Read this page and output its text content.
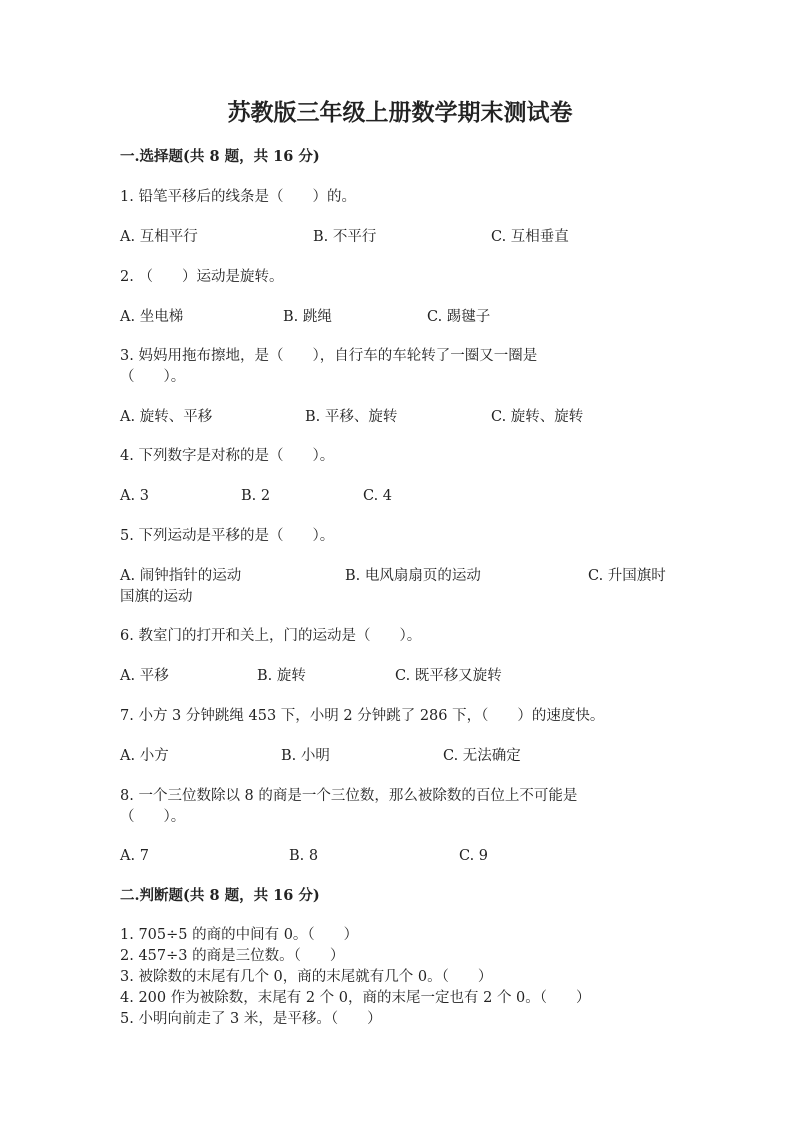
苏教版三年级上册数学期末测试卷
一.选择题(共 8 题，共 16 分)
1. 铅笔平移后的线条是（　　）的。
A. 互相平行	B. 不平行	C. 互相垂直
2. （　　）运动是旋转。
A. 坐电梯	B. 跳绳	C. 踢毽子
3. 妈妈用拖布擦地，是（　　），自行车的车轮转了一圈又一圈是
（　　）。
A. 旋转、平移	B. 平移、旋转	C. 旋转、旋转
4. 下列数字是对称的是（　　）。
A. 3	B. 2	C. 4
5. 下列运动是平移的是（　　）。
A. 闹钟指针的运动	B. 电风扇扇页的运动	C. 升国旗时
国旗的运动
6. 教室门的打开和关上，门的运动是（　　）。
A. 平移	B. 旋转	C. 既平移又旋转
7. 小方 3 分钟跳绳 453 下，小明 2 分钟跳了 286 下，（　　）的速度快。
A. 小方	B. 小明	C. 无法确定
8. 一个三位数除以 8 的商是一个三位数，那么被除数的百位上不可能是
（　　）。
A. 7	B. 8	C. 9
二.判断题(共 8 题，共 16 分)
1. 705÷5 的商的中间有 0。（　　）
2. 457÷3 的商是三位数。（　　）
3. 被除数的末尾有几个 0，商的末尾就有几个 0。（　　）
4. 200 作为被除数，末尾有 2 个 0，商的末尾一定也有 2 个 0。（　　）
5. 小明向前走了 3 米，是平移。（　　）
